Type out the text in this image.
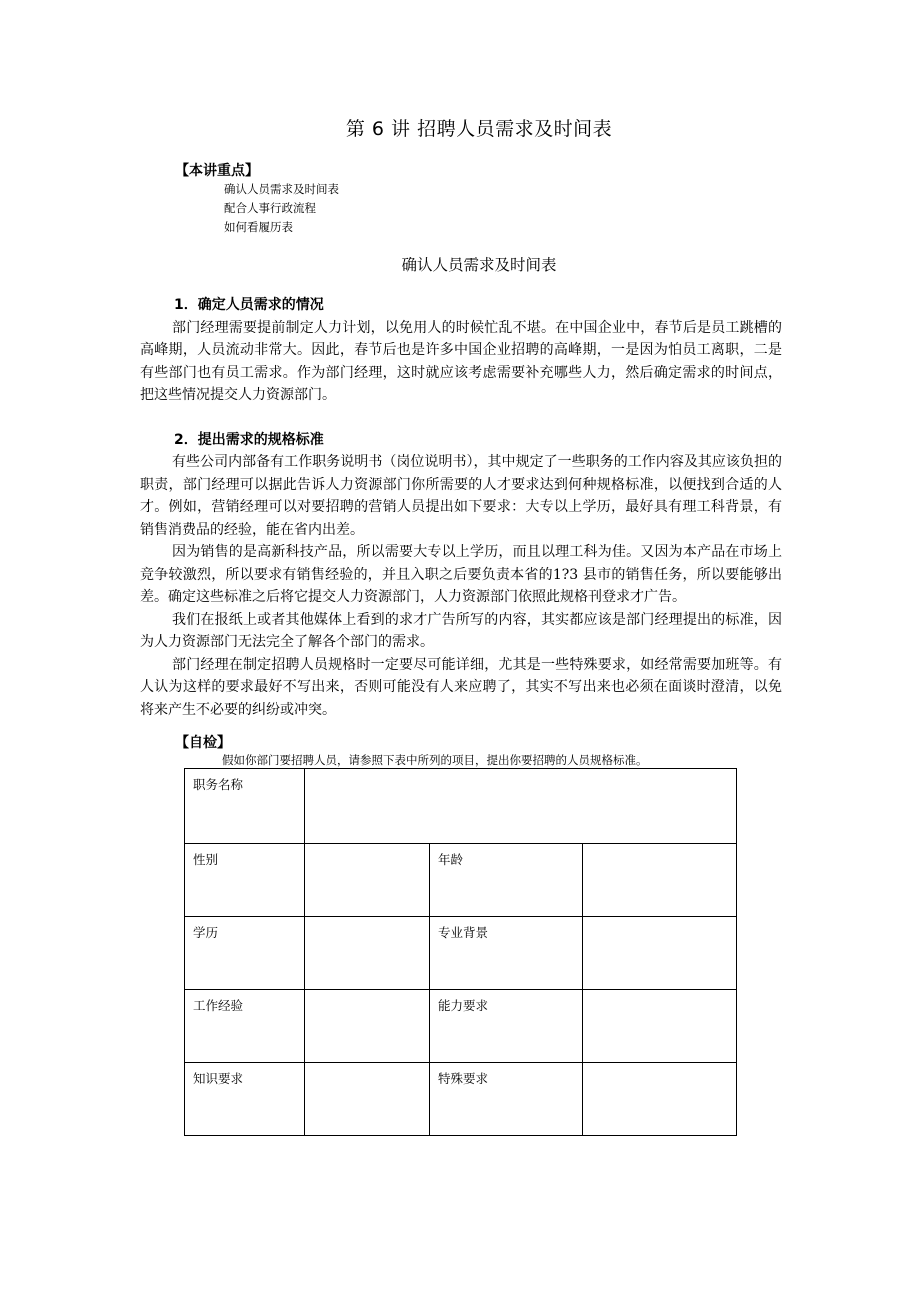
第 6 讲 招聘人员需求及时间表
【本讲重点】
确认人员需求及时间表
配合人事行政流程
如何看履历表
确认人员需求及时间表
1．确定人员需求的情况

部门经理需要提前制定人力计划，以免用人的时候忙乱不堪。在中国企业中，春节后是员工跳槽的高峰期，人员流动非常大。因此，春节后也是许多中国企业招聘的高峰期，一是因为怕员工离职，二是有些部门也有员工需求。作为部门经理，这时就应该考虑需要补充哪些人力，然后确定需求的时间点，把这些情况提交人力资源部门。

2．提出需求的规格标准

有些公司内部备有工作职务说明书（岗位说明书），其中规定了一些职务的工作内容及其应该负担的职责，部门经理可以据此告诉人力资源部门你所需要的人才要求达到何种规格标准，以便找到合适的人才。例如，营销经理可以对要招聘的营销人员提出如下要求：大专以上学历，最好具有理工科背景，有销售消费品的经验，能在省内出差。

因为销售的是高新科技产品，所以需要大专以上学历，而且以理工科为佳。又因为本产品在市场上竞争较激烈，所以要求有销售经验的，并且入职之后要负责本省的1?3 县市的销售任务，所以要能够出差。确定这些标准之后将它提交人力资源部门，人力资源部门依照此规格刊登求才广告。

我们在报纸上或者其他媒体上看到的求才广告所写的内容，其实都应该是部门经理提出的标准，因为人力资源部门无法完全了解各个部门的需求。

部门经理在制定招聘人员规格时一定要尽可能详细，尤其是一些特殊要求，如经常需要加班等。有人认为这样的要求最好不写出来，否则可能没有人来应聘了，其实不写出来也必须在面谈时澄清，以免将来产生不必要的纠纷或冲突。

【自检】
假如你部门要招聘人员，请参照下表中所列的项目，提出你要招聘的人员规格标准。
职务名称			
性别		年龄	
学历		专业背景	
工作经验		能力要求	
知识要求		特殊要求	
